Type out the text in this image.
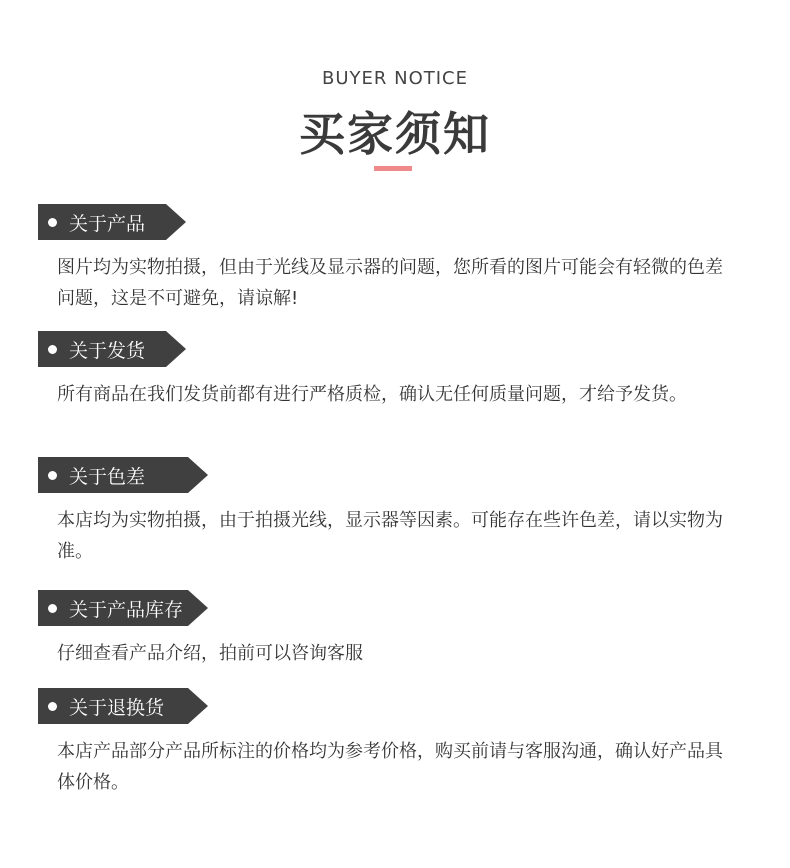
BUYER NOTICE
买家须知
关于产品
图片均为实物拍摄，但由于光线及显示器的问题，您所看的图片可能会有轻微的色差问题，这是不可避免，请谅解!
关于发货
所有商品在我们发货前都有进行严格质检，确认无任何质量问题，才给予发货。
关于色差
本店均为实物拍摄，由于拍摄光线，显示器等因素。可能存在些许色差，请以实物为准。
关于产品库存
仔细查看产品介绍，拍前可以咨询客服
关于退换货
本店产品部分产品所标注的价格均为参考价格，购买前请与客服沟通，确认好产品具体价格。
